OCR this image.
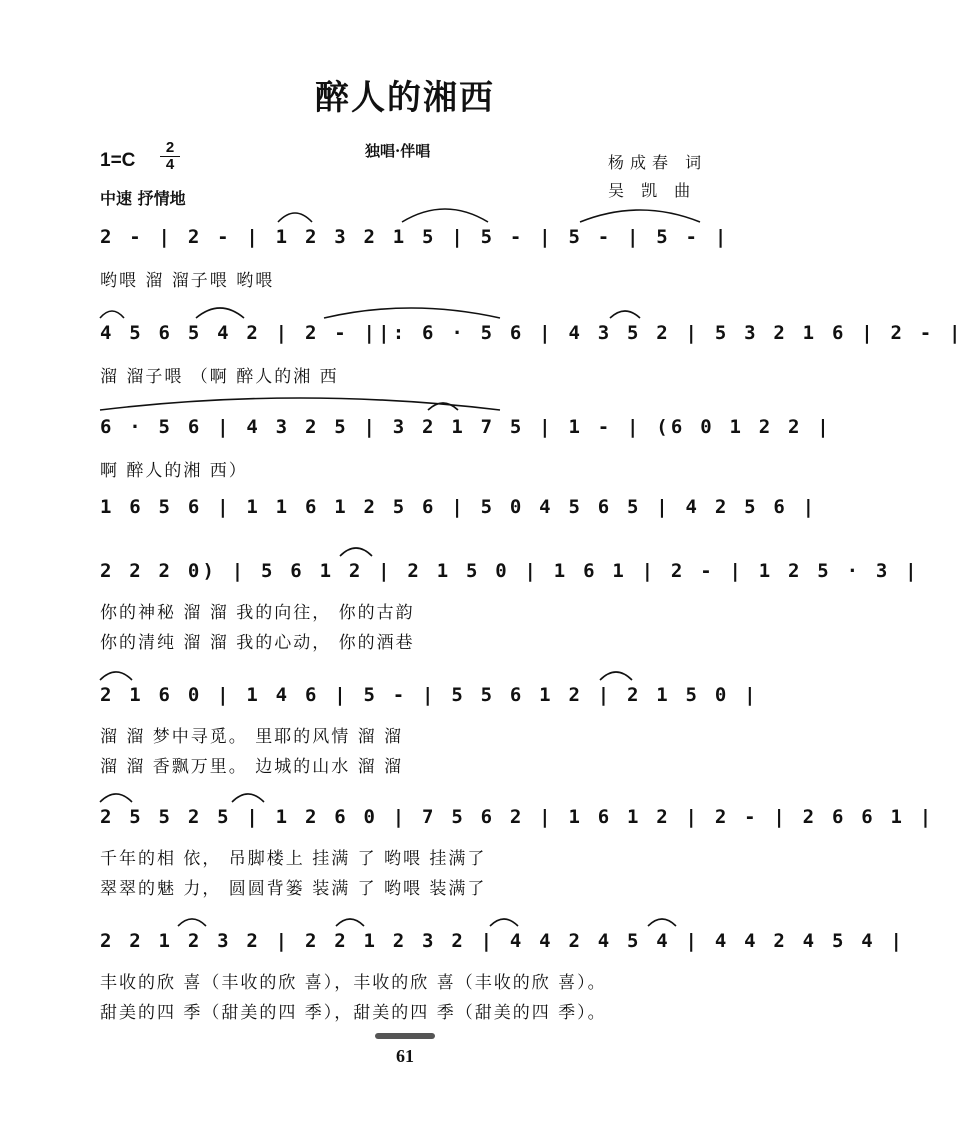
醉人的湘西
1=C
2
4
独唱·伴唱
杨成春 词
吴 凯 曲
中速 抒情地
2 - | 2 - | 1 2 3 2 1 5 | 5 - | 5 - | 5 - |
哟喂 溜 溜子喂 哟喂
4 5 6 5 4 2 | 2 - ||: 6 · 5 6 | 4 3 5 2 | 5 3 2 1 6 | 2 - |
溜 溜子喂 （啊 醉人的湘 西
6 · 5 6 | 4 3 2 5 | 3 2 1 7 5 | 1 - | (6 0 1 2 2 |
啊 醉人的湘 西）
1 6 5 6 | 1 1 6 1 2 5 6 | 5 0 4 5 6 5 | 4 2 5 6 |
2 2 2 0) | 5 6 1 2 | 2 1 5 0 | 1 6 1 | 2 - | 1 2 5 · 3 |
你的神秘 溜 溜 我的向往， 你的古韵
你的清纯 溜 溜 我的心动， 你的酒巷
2 1 6 0 | 1 4 6 | 5 - | 5 5 6 1 2 | 2 1 5 0 |
溜 溜 梦中寻觅。 里耶的风情 溜 溜
溜 溜 香飘万里。 边城的山水 溜 溜
2 5 5 2 5 | 1 2 6 0 | 7 5 6 2 | 1 6 1 2 | 2 - | 2 6 6 1 |
千年的相 依， 吊脚楼上 挂满 了 哟喂 挂满了
翠翠的魅 力， 圆圆背篓 装满 了 哟喂 装满了
2 2 1 2 3 2 | 2 2 1 2 3 2 | 4 4 2 4 5 4 | 4 4 2 4 5 4 |
丰收的欣 喜（丰收的欣 喜），丰收的欣 喜（丰收的欣 喜）。
甜美的四 季（甜美的四 季），甜美的四 季（甜美的四 季）。
61
